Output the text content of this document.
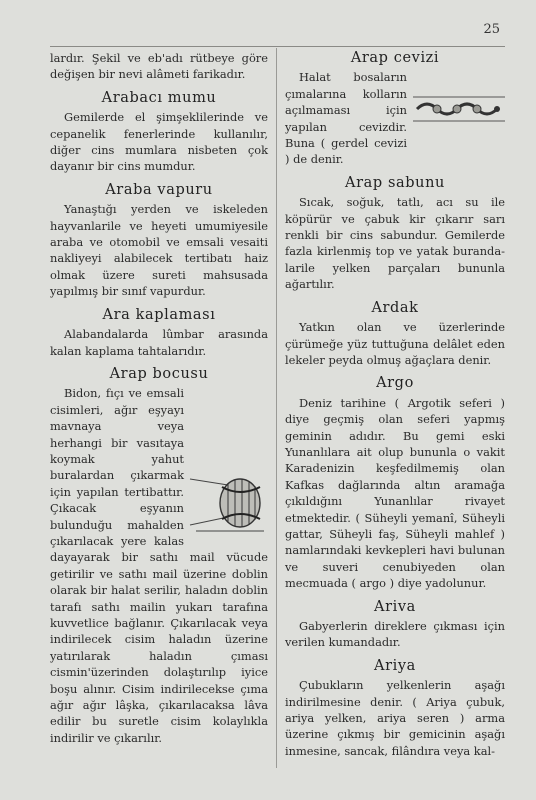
25

lardır. Şekil ve eb'adı rütbeye göre değişen bir nevi alâmeti farikadır.

Arabacı mumu

Gemilerde el şimşeklilerinde ve cepanelik fenerlerinde kullanılır, diğer cins mumlara nisbeten çok dayanır bir cins mumdur.

Araba vapuru

Yanaştığı yerden ve iskeleden hayvanlarile ve heyeti umumiyesile araba ve otomobil ve emsali vesaiti nakliyeyi alabilecek tertibatı haiz olmak üzere sureti mahsusada yapılmış bir sınıf vapurdur.

Ara kaplaması

Alabandalarda lûmbar arasında kalan kaplama tahtalarıdır.

Arap bocusu

Bidon, fıçı ve emsali cisimleri, ağır eşyayı mavnaya veya herhangi bir vasıtaya koymak yahut buralardan çıkarmak için yapılan tertibattır. Çıkacak eşyanın bulunduğu mahalden çıkarılacak yere kalas dayayarak bir sathı mail vücude getirilir ve sathı mail üzerine doblin olarak bir halat serilir, haladın doblin tarafı sathı mailin yukarı tarafına kuvvetlice bağlanır. Çıkarılacak veya indirilecek cisim haladın üzerine yatırılarak haladın çıması cismin'üzerinden dolaştırılıp iyice boşu alınır. Cisim indirilecekse çıma ağır ağır lâşka, çıkarılacaksa lâva edilir bu suretle cisim kolaylıkla indirilir ve çıkarılır.

Arap cevizi

Halat bosaların çımalarına kolların açılmaması için yapılan cevizdir. Buna ( gerdel cevizi ) de denir.

Arap sabunu

Sıcak, soğuk, tatlı, acı su ile köpürür ve çabuk kir çıkarır sarı renkli bir cins sabundur. Gemilerde fazla kirlenmiş top ve yatak burandalarile yelken parçaları bununla ağartılır.

Ardak

Yatkın olan ve üzerlerinde çürümeğe yüz tuttuğuna delâlet eden lekeler peyda olmuş ağaçlara denir.

Argo

Deniz tarihine ( Argotik seferi ) diye geçmiş olan seferi yapmış geminin adıdır. Bu gemi eski Yunanlılara ait olup bununla o vakit Karadenizin keşfedilmemiş olan Kafkas dağlarında altın aramağa çıkıldığını Yunanlılar rivayet etmektedir. ( Süheyli yemanî, Süheyli gattar, Süheyli faş, Süheyli mahlef ) namlarındaki kevkepleri havi bulunan ve suveri cenubiyeden olan mecmuada ( argo ) diye yadolunur.

Ariva

Gabyerlerin direklere çıkması için verilen kumandadır.

Ariya

Çubukların yelkenlerin aşağı indirilmesine denir. ( Ariya çubuk, ariya yelken, ariya seren ) arma üzerine çıkmış bir gemicinin aşağı inmesine, sancak, filândıra veya kal-
